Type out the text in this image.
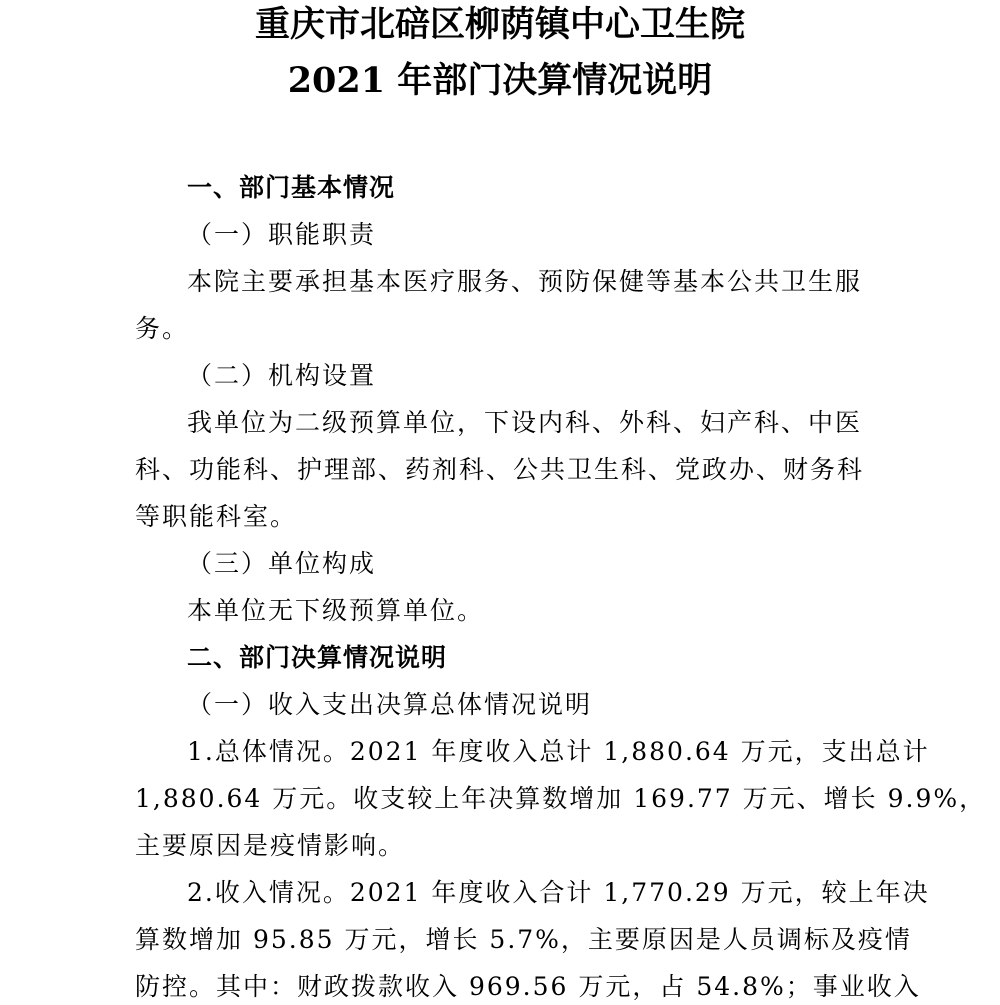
重庆市北碚区柳荫镇中心卫生院
2021 年部门决算情况说明
一、部门基本情况
（一）职能职责
本院主要承担基本医疗服务、预防保健等基本公共卫生服
务。
（二）机构设置
我单位为二级预算单位，下设内科、外科、妇产科、中医
科、功能科、护理部、药剂科、公共卫生科、党政办、财务科
等职能科室。
（三）单位构成
本单位无下级预算单位。
二、部门决算情况说明
（一）收入支出决算总体情况说明
1.总体情况。2021 年度收入总计 1,880.64 万元，支出总计
1,880.64 万元。收支较上年决算数增加 169.77 万元、增长 9.9%，
主要原因是疫情影响。
2.收入情况。2021 年度收入合计 1,770.29 万元，较上年决
算数增加 95.85 万元，增长 5.7%，主要原因是人员调标及疫情
防控。其中：财政拨款收入 969.56 万元，占 54.8%；事业收入
